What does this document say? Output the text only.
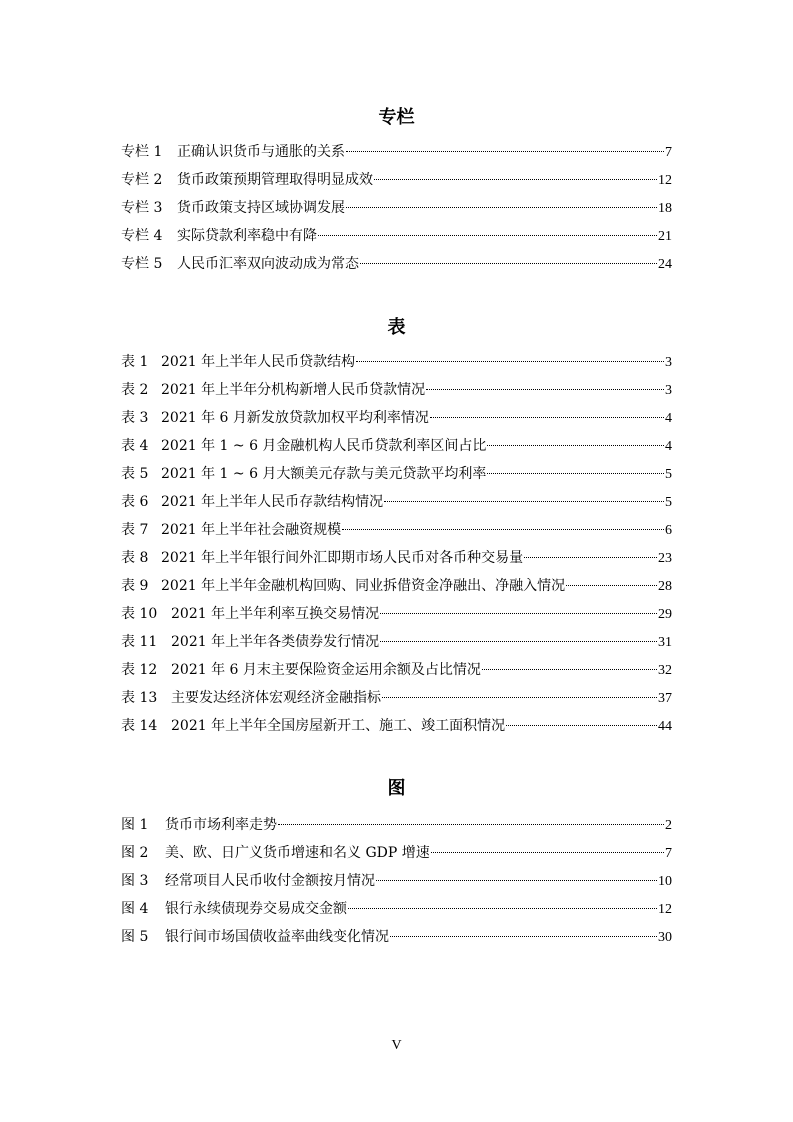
专栏
专栏 1	正确认识货币与通胀的关系	7
专栏 2	货币政策预期管理取得明显成效	12
专栏 3	货币政策支持区域协调发展	18
专栏 4	实际贷款利率稳中有降	21
专栏 5	人民币汇率双向波动成为常态	24
表
表 1 2021 年上半年人民币贷款结构	3
表 2 2021 年上半年分机构新增人民币贷款情况	3
表 3 2021 年 6 月新发放贷款加权平均利率情况	4
表 4 2021 年 1 ~ 6 月金融机构人民币贷款利率区间占比	4
表 5 2021 年 1 ~ 6 月大额美元存款与美元贷款平均利率	5
表 6 2021 年上半年人民币存款结构情况	5
表 7 2021 年上半年社会融资规模	6
表 8 2021 年上半年银行间外汇即期市场人民币对各币种交易量	23
表 9 2021 年上半年金融机构回购、同业拆借资金净融出、净融入情况	28
表 10 2021 年上半年利率互换交易情况	29
表 11 2021 年上半年各类债券发行情况	31
表 12 2021 年 6 月末主要保险资金运用余额及占比情况	32
表 13 主要发达经济体宏观经济金融指标	37
表 14 2021 年上半年全国房屋新开工、施工、竣工面积情况	44
图
图 1	货币市场利率走势	2
图 2	美、欧、日广义货币增速和名义 GDP 增速	7
图 3	经常项目人民币收付金额按月情况	10
图 4	银行永续债现券交易成交金额	12
图 5	银行间市场国债收益率曲线变化情况	30
V
